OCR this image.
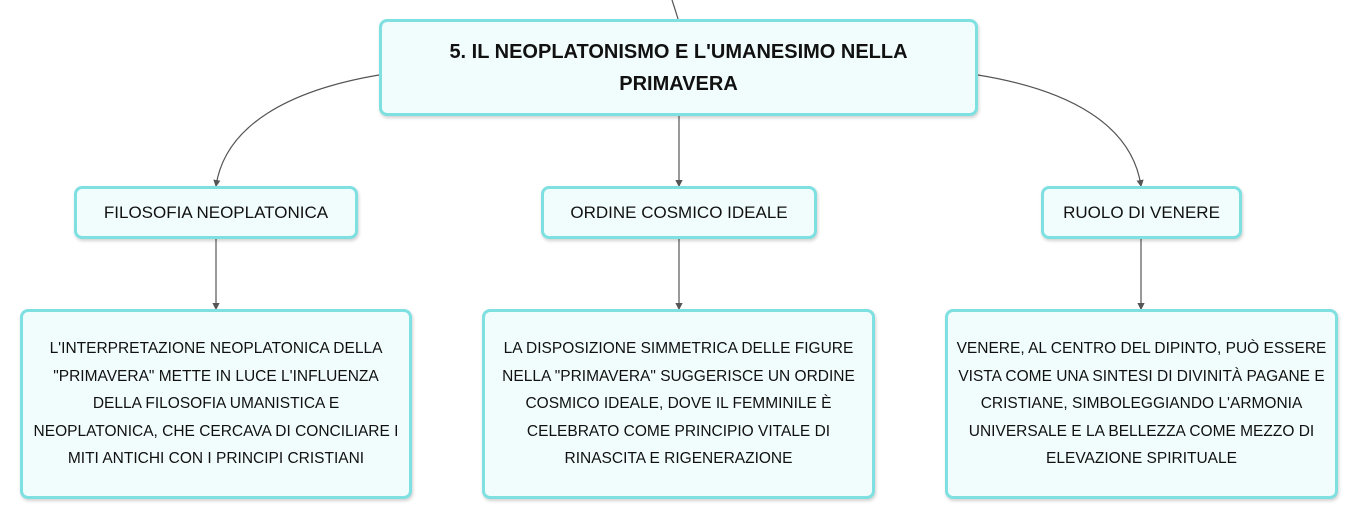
5. IL NEOPLATONISMO E L'UMANESIMO NELLA PRIMAVERA
FILOSOFIA NEOPLATONICA	ORDINE COSMICO IDEALE	RUOLO DI VENERE
L'INTERPRETAZIONE NEOPLATONICA DELLA "PRIMAVERA" METTE IN LUCE L'INFLUENZA DELLA FILOSOFIA UMANISTICA E NEOPLATONICA, CHE CERCAVA DI CONCILIARE I MITI ANTICHI CON I PRINCIPI CRISTIANI
LA DISPOSIZIONE SIMMETRICA DELLE FIGURE NELLA "PRIMAVERA" SUGGERISCE UN ORDINE COSMICO IDEALE, DOVE IL FEMMINILE È CELEBRATO COME PRINCIPIO VITALE DI RINASCITA E RIGENERAZIONE
VENERE, AL CENTRO DEL DIPINTO, PUÒ ESSERE VISTA COME UNA SINTESI DI DIVINITÀ PAGANE E CRISTIANE, SIMBOLEGGIANDO L'ARMONIA UNIVERSALE E LA BELLEZZA COME MEZZO DI ELEVAZIONE SPIRITUALE
